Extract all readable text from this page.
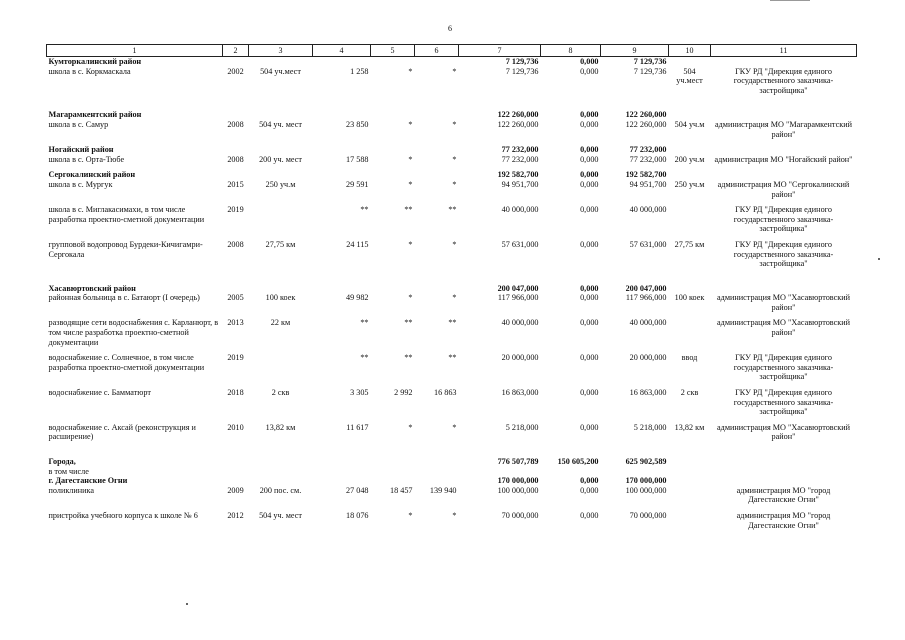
6
1	2	3	4	5	6	7	8	9	10	11
Кумторкалинский район						7 129,736	0,000	7 129,736		
школа в с. Коркмаскала	2002	504 уч.мест	1 258	*	*	7 129,736	0,000	7 129,736	504 уч.мест	ГКУ РД "Дирекция единого государственного заказчика-застройщика"

Магарамкентский район						122 260,000	0,000	122 260,000		
школа в с. Самур	2008	504 уч. мест	23 850	*	*	122 260,000	0,000	122 260,000	504 уч.м	администрация МО "Магарамкентский район"

Ногайский район						77 232,000	0,000	77 232,000		
школа в с. Орта-Тюбе	2008	200 уч. мест	17 588	*	*	77 232,000	0,000	77 232,000	200 уч.м	администрация МО "Ногайский район"

Сергокалинский район						192 582,700	0,000	192 582,700		
школа в с. Мургук	2015	250 уч.м	29 591	*	*	94 951,700	0,000	94 951,700	250 уч.м	администрация МО "Сергокалинский район"

школа в с. Миглакасимахи, в том числе разработка проектно-сметной документации	2019		**	**	**	40 000,000	0,000	40 000,000		ГКУ РД "Дирекция единого государственного заказчика-застройщика"

групповой водопровод Бурдеки-Кичигамри-Сергокала	2008	27,75 км	24 115	*	*	57 631,000	0,000	57 631,000	27,75 км	ГКУ РД "Дирекция единого государственного заказчика-застройщика"

Хасавюртовский район						200 047,000	0,000	200 047,000		
районная больница в с. Батаюрт (I очередь)	2005	100 коек	49 982	*	*	117 966,000	0,000	117 966,000	100 коек	администрация МО "Хасавюртовский район"

разводящие сети водоснабжения с. Карланюрт, в том числе разработка проектно-сметной документации	2013	22 км	**	**	**	40 000,000	0,000	40 000,000		администрация МО "Хасавюртовский район"

водоснабжение с. Солнечное, в том числе разработка проектно-сметной документации	2019		**	**	**	20 000,000	0,000	20 000,000	ввод	ГКУ РД "Дирекция единого государственного заказчика-застройщика"

водоснабжение с. Бамматюрт	2018	2 скв	3 305	2 992	16 863	16 863,000	0,000	16 863,000	2 скв	ГКУ РД "Дирекция единого государственного заказчика-застройщика"

водоснабжение с. Аксай (реконструкция и расширение)	2010	13,82 км	11 617	*	*	5 218,000	0,000	5 218,000	13,82 км	администрация МО "Хасавюртовский район"

Города,						776 507,789	150 605,200	625 902,589		
в том числе										
г. Дагестанские Огни						170 000,000	0,000	170 000,000		
поликлиника	2009	200 пос. см.	27 048	18 457	139 940	100 000,000	0,000	100 000,000		администрация МО "город Дагестанские Огни"

пристройка учебного корпуса к школе № 6	2012	504 уч. мест	18 076	*	*	70 000,000	0,000	70 000,000		администрация МО "город Дагестанские Огни"
